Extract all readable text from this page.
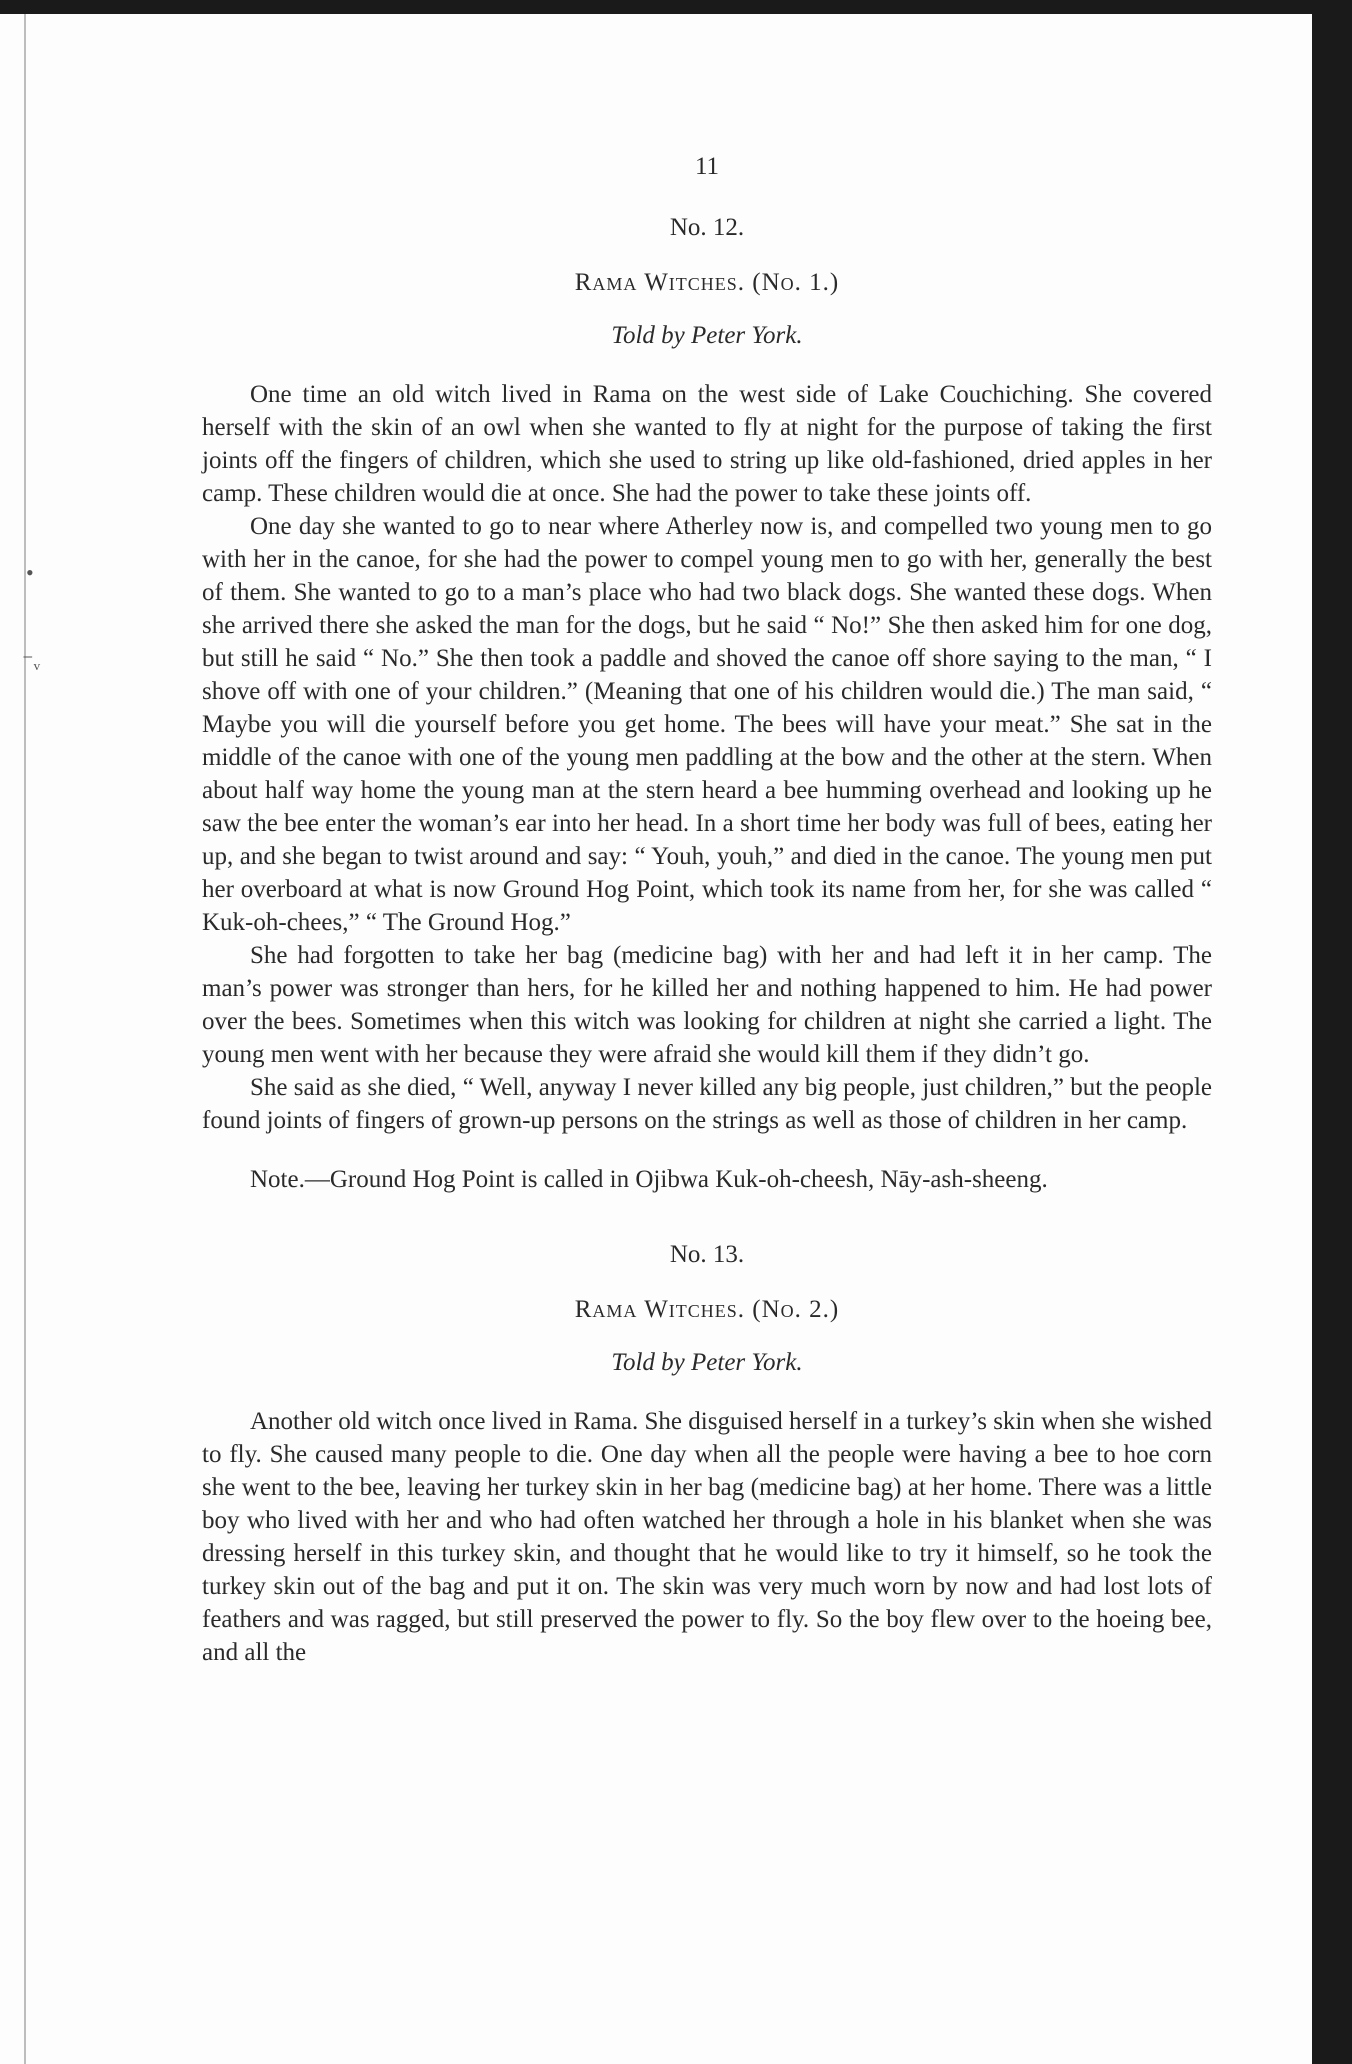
•
⁻ᵥ
11
No. 12.
Rama Witches. (No. 1.)
Told by Peter York.

One time an old witch lived in Rama on the west side of Lake Couchiching. She covered herself with the skin of an owl when she wanted to fly at night for the purpose of taking the first joints off the fingers of children, which she used to string up like old-fashioned, dried apples in her camp. These children would die at once. She had the power to take these joints off.

One day she wanted to go to near where Atherley now is, and compelled two young men to go with her in the canoe, for she had the power to compel young men to go with her, generally the best of them. She wanted to go to a man’s place who had two black dogs. She wanted these dogs. When she arrived there she asked the man for the dogs, but he said “ No!” She then asked him for one dog, but still he said “ No.” She then took a paddle and shoved the canoe off shore saying to the man, “ I shove off with one of your children.” (Meaning that one of his children would die.) The man said, “ Maybe you will die yourself before you get home. The bees will have your meat.” She sat in the middle of the canoe with one of the young men paddling at the bow and the other at the stern. When about half way home the young man at the stern heard a bee humming overhead and looking up he saw the bee enter the woman’s ear into her head. In a short time her body was full of bees, eating her up, and she began to twist around and say: “ Youh, youh,” and died in the canoe. The young men put her overboard at what is now Ground Hog Point, which took its name from her, for she was called “ Kuk-oh-chees,” “ The Ground Hog.”

She had forgotten to take her bag (medicine bag) with her and had left it in her camp. The man’s power was stronger than hers, for he killed her and nothing happened to him. He had power over the bees. Sometimes when this witch was looking for children at night she carried a light. The young men went with her because they were afraid she would kill them if they didn’t go.

She said as she died, “ Well, anyway I never killed any big people, just children,” but the people found joints of fingers of grown-up persons on the strings as well as those of children in her camp.

Note.—Ground Hog Point is called in Ojibwa Kuk-oh-cheesh, Nāy-ash-sheeng.

No. 13.
Rama Witches. (No. 2.)
Told by Peter York.

Another old witch once lived in Rama. She disguised herself in a turkey’s skin when she wished to fly. She caused many people to die. One day when all the people were having a bee to hoe corn she went to the bee, leaving her turkey skin in her bag (medicine bag) at her home. There was a little boy who lived with her and who had often watched her through a hole in his blanket when she was dressing herself in this turkey skin, and thought that he would like to try it himself, so he took the turkey skin out of the bag and put it on. The skin was very much worn by now and had lost lots of feathers and was ragged, but still preserved the power to fly. So the boy flew over to the hoeing bee, and all the
